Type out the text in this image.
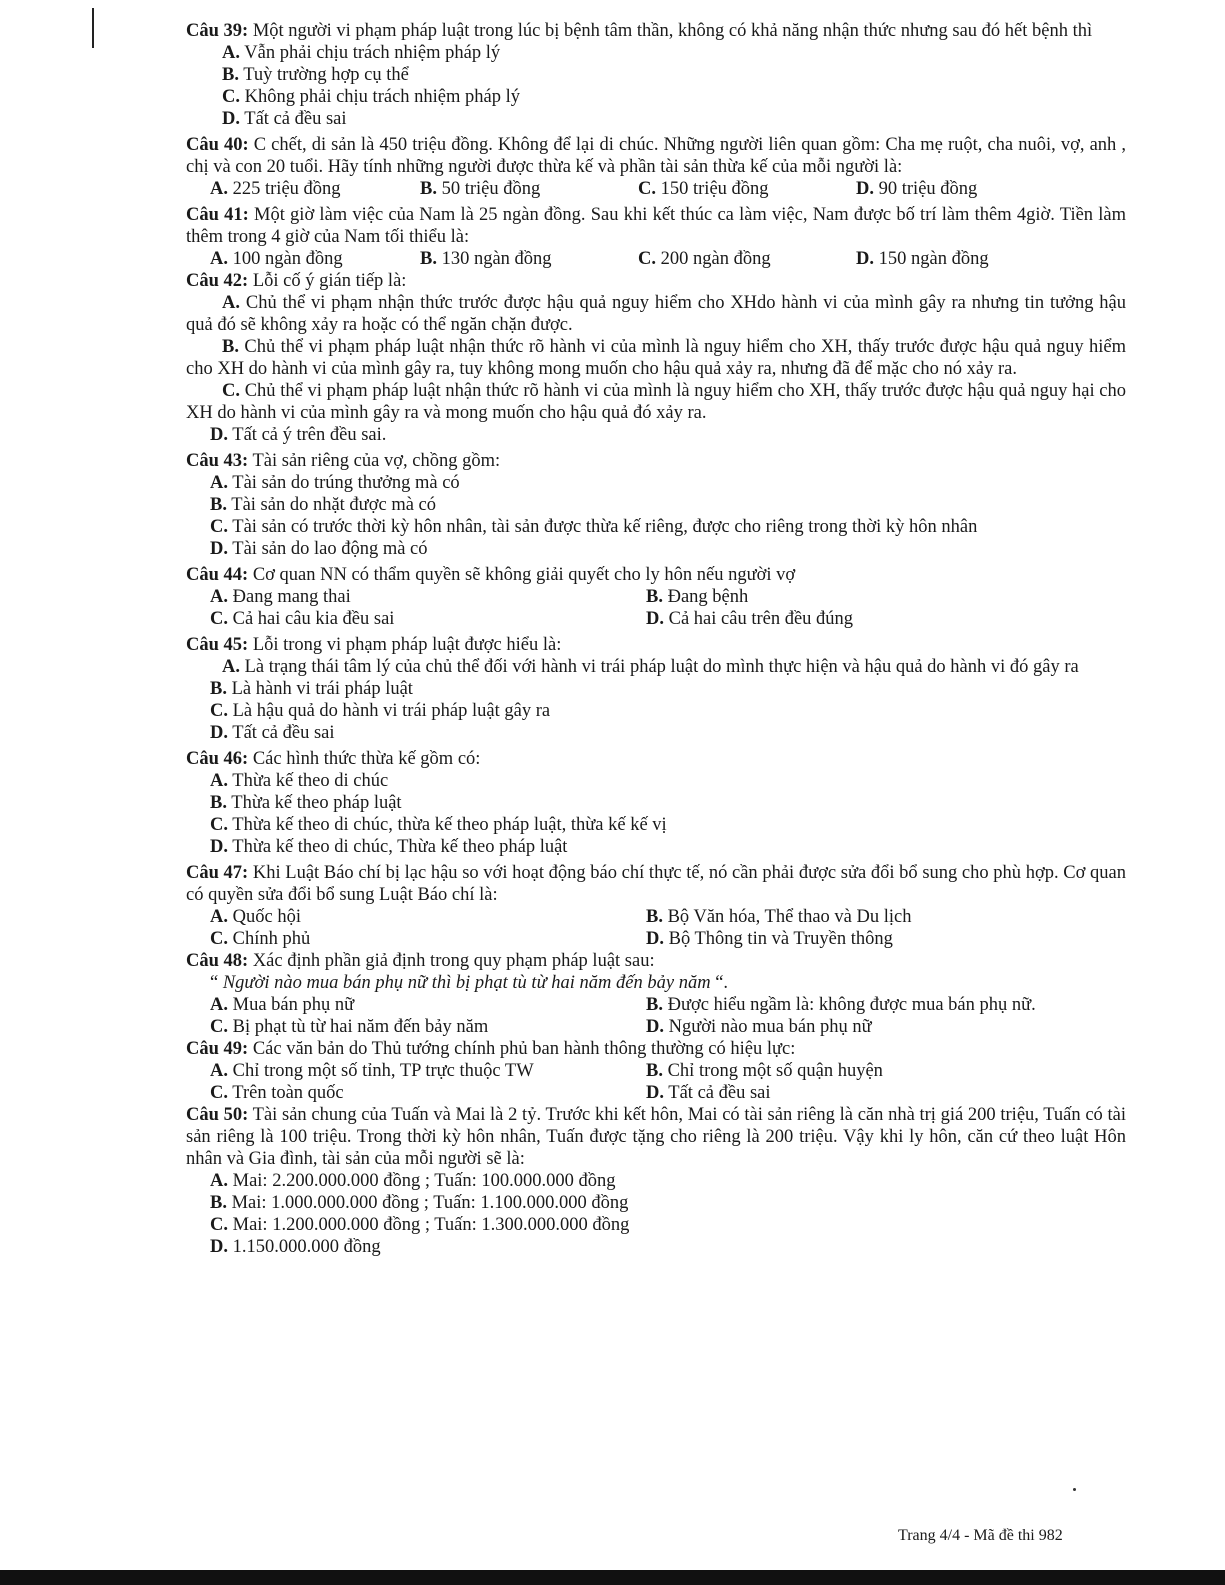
Câu 39: Một người vi phạm pháp luật trong lúc bị bệnh tâm thần, không có khả năng nhận thức nhưng sau đó hết bệnh thì

A. Vẫn phải chịu trách nhiệm pháp lý

B. Tuỳ trường hợp cụ thể

C. Không phải chịu trách nhiệm pháp lý

D. Tất cả đều sai

Câu 40: C chết, di sản là 450 triệu đồng. Không để lại di chúc. Những người liên quan gồm: Cha mẹ ruột, cha nuôi, vợ, anh , chị và con 20 tuổi. Hãy tính những người được thừa kế và phần tài sản thừa kế của mỗi người là:

A. 225 triệu đồng	B. 50 triệu đồng	C. 150 triệu đồng	D. 90 triệu đồng

Câu 41: Một giờ làm việc của Nam là 25 ngàn đồng. Sau khi kết thúc ca làm việc, Nam được bố trí làm thêm 4giờ. Tiền làm thêm trong 4 giờ của Nam tối thiểu là:

A. 100 ngàn đồng	B. 130 ngàn đồng	C. 200 ngàn đồng	D. 150 ngàn đồng

Câu 42: Lỗi cố ý gián tiếp là:

A. Chủ thể vi phạm nhận thức trước được hậu quả nguy hiểm cho XHdo hành vi của mình gây ra nhưng tin tưởng hậu quả đó sẽ không xảy ra hoặc có thể ngăn chặn được.

B. Chủ thể vi phạm pháp luật nhận thức rõ hành vi của mình là nguy hiểm cho XH, thấy trước được hậu quả nguy hiểm cho XH do hành vi của mình gây ra, tuy không mong muốn cho hậu quả xảy ra, nhưng đã để mặc cho nó xảy ra.

C. Chủ thể vi phạm pháp luật nhận thức rõ hành vi của mình là nguy hiểm cho XH, thấy trước được hậu quả nguy hại cho XH do hành vi của mình gây ra và mong muốn cho hậu quả đó xảy ra.

D. Tất cả ý trên đều sai.

Câu 43: Tài sản riêng của vợ, chồng gồm:

A. Tài sản do trúng thưởng mà có

B. Tài sản do nhặt được mà có

C. Tài sản có trước thời kỳ hôn nhân, tài sản được thừa kế riêng, được cho riêng trong thời kỳ hôn nhân

D. Tài sản do lao động mà có

Câu 44: Cơ quan NN có thẩm quyền sẽ không giải quyết cho ly hôn nếu người vợ

A. Đang mang thai	B. Đang bệnh
C. Cả hai câu kia đều sai	D. Cả hai câu trên đều đúng

Câu 45: Lỗi trong vi phạm pháp luật được hiểu là:

A. Là trạng thái tâm lý của chủ thể đối với hành vi trái pháp luật do mình thực hiện và hậu quả do hành vi đó gây ra

B. Là hành vi trái pháp luật

C. Là hậu quả do hành vi trái pháp luật gây ra

D. Tất cả đều sai

Câu 46: Các hình thức thừa kế gồm có:

A. Thừa kế theo di chúc

B. Thừa kế theo pháp luật

C. Thừa kế theo di chúc, thừa kế theo pháp luật, thừa kế kế vị

D. Thừa kế theo di chúc, Thừa kế theo pháp luật

Câu 47: Khi Luật Báo chí bị lạc hậu so với hoạt động báo chí thực tế, nó cần phải được sửa đổi bổ sung cho phù hợp. Cơ quan có quyền sửa đổi bổ sung Luật Báo chí là:

A. Quốc hội	B. Bộ Văn hóa, Thể thao và Du lịch
C. Chính phủ	D. Bộ Thông tin và Truyền thông

Câu 48: Xác định phần giả định trong quy phạm pháp luật sau:

“ Người nào mua bán phụ nữ thì bị phạt tù từ hai năm đến bảy năm “.

A. Mua bán phụ nữ	B. Được hiểu ngầm là: không được mua bán phụ nữ.
C. Bị phạt tù từ hai năm đến bảy năm	D. Người nào mua bán phụ nữ

Câu 49: Các văn bản do Thủ tướng chính phủ ban hành thông thường có hiệu lực:

A. Chỉ trong một số tỉnh, TP trực thuộc TW	B. Chỉ trong một số quận huyện
C. Trên toàn quốc	D. Tất cả đều sai

Câu 50: Tài sản chung của Tuấn và Mai là 2 tỷ. Trước khi kết hôn, Mai có tài sản riêng là căn nhà trị giá 200 triệu, Tuấn có tài sản riêng là 100 triệu. Trong thời kỳ hôn nhân, Tuấn được tặng cho riêng là 200 triệu. Vậy khi ly hôn, căn cứ theo luật Hôn nhân và Gia đình, tài sản của mỗi người sẽ là:

A. Mai: 2.200.000.000 đồng ; Tuấn: 100.000.000 đồng

B. Mai: 1.000.000.000 đồng ; Tuấn: 1.100.000.000 đồng

C. Mai: 1.200.000.000 đồng ; Tuấn: 1.300.000.000 đồng

D. 1.150.000.000 đồng

Trang 4/4 - Mã đề thi 982
